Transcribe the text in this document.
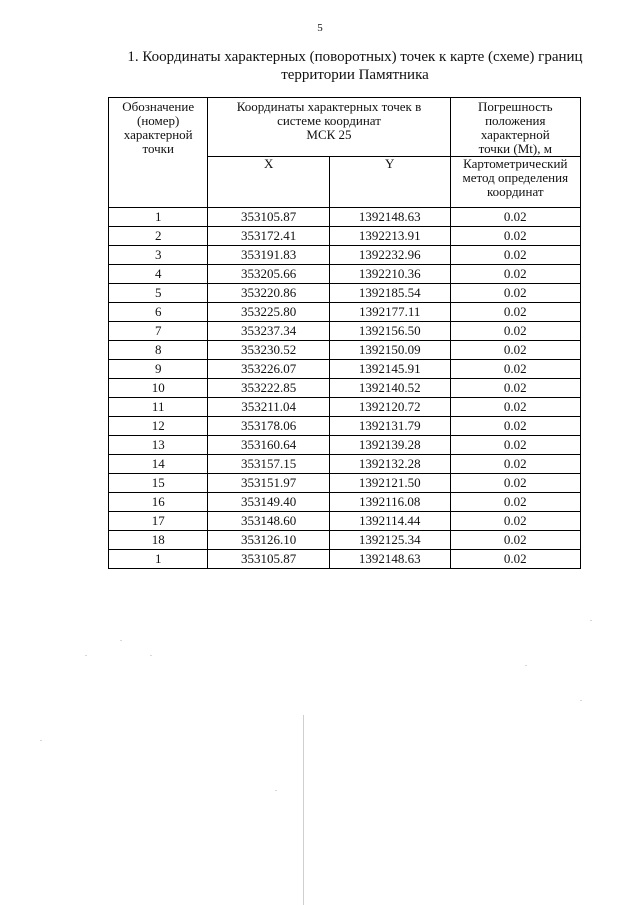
5
1. Координаты характерных (поворотных) точек к карте (схеме) границ
территории Памятника
Обозначение
(номер)
характерной
точки	Координаты характерных точек в
системе координат
МСК 25		Погрешность
положения
характерной
точки (Mt), м

	X	Y	Картометрический
метод определения
координат

1	353105.87	1392148.63	0.02
2	353172.41	1392213.91	0.02
3	353191.83	1392232.96	0.02
4	353205.66	1392210.36	0.02
5	353220.86	1392185.54	0.02
6	353225.80	1392177.11	0.02
7	353237.34	1392156.50	0.02
8	353230.52	1392150.09	0.02
9	353226.07	1392145.91	0.02
10	353222.85	1392140.52	0.02
11	353211.04	1392120.72	0.02
12	353178.06	1392131.79	0.02
13	353160.64	1392139.28	0.02
14	353157.15	1392132.28	0.02
15	353151.97	1392121.50	0.02
16	353149.40	1392116.08	0.02
17	353148.60	1392114.44	0.02
18	353126.10	1392125.34	0.02
1	353105.87	1392148.63	0.02
